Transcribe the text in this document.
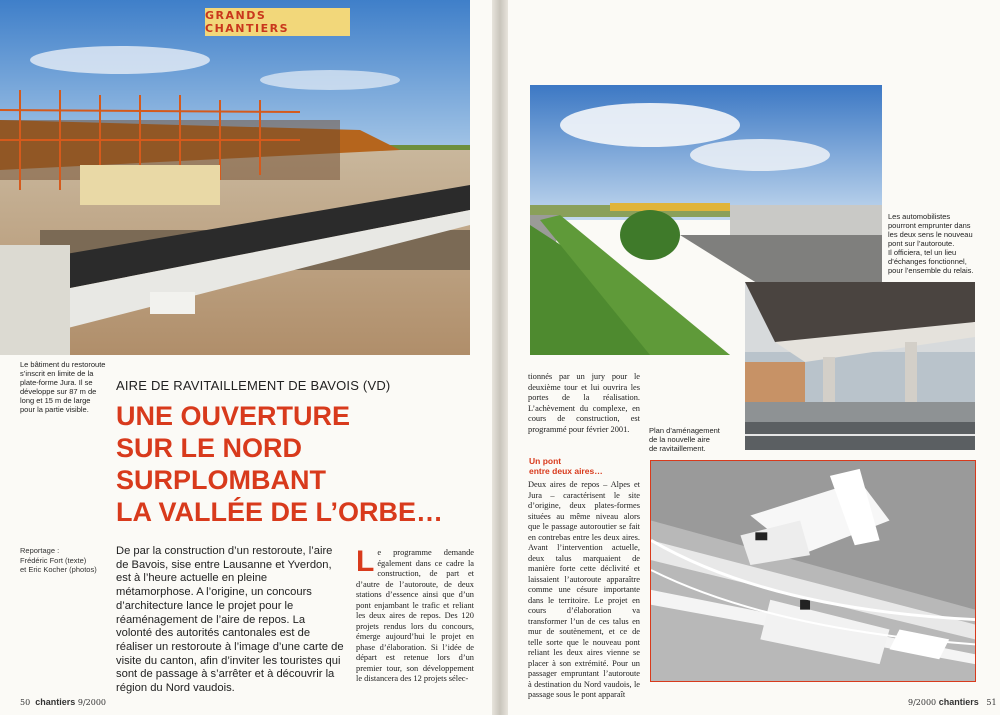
GRANDS CHANTIERS
Le bâtiment du restoroute
s’inscrit en limite de la
plate-forme Jura. Il se
développe sur 87 m de
long et 15 m de large
pour la partie visible.
AIRE DE RAVITAILLEMENT DE BAVOIS (VD)
UNE OUVERTURE
SUR LE NORD
SURPLOMBANT
LA VALLÉE DE L’ORBE…
Reportage :
Frédéric Fort (texte)
et Eric Kocher (photos)

De par la construction d’un restoroute, l’aire de Bavois, sise entre Lausanne et Yverdon, est à l’heure actuelle en pleine métamorphose. A l’origine, un concours d’architecture lance le projet pour le réaménagement de l’aire de repos. La volonté des autorités cantonales est de réaliser un restoroute à l’image d’une carte de visite du canton, afin d’inviter les touristes qui sont de passage à s’arrêter et à découvrir la région du Nord vaudois.

Le programme demande également dans ce cadre la construction, de part et d’autre de l’autoroute, de deux stations d’essence ainsi que d’un pont enjambant le trafic et reliant les deux aires de repos. Des 120 projets rendus lors du concours, émerge aujourd’hui le projet en phase d’élaboration. Si l’idée de départ est retenue lors d’un premier tour, son développement le distancera des 12 projets sélec-
50 chantiers 9/2000
Les automobilistes
pourront emprunter dans
les deux sens le nouveau
pont sur l’autoroute.
Il officiera, tel un lieu
d’échanges fonctionnel,
pour l’ensemble du relais.
Plan d’aménagement
de la nouvelle aire
de ravitaillement.
tionnés par un jury pour le deuxième tour et lui ouvrira les portes de la réalisation. L’achèvement du complexe, en cours de construction, est programmé pour février 2001.
Un pont
entre deux aires…
Deux aires de repos – Alpes et Jura – caractérisent le site d’origine, deux plates-formes situées au même niveau alors que le passage autoroutier se fait en contrebas entre les deux aires. Avant l’intervention actuelle, deux talus marquaient de manière forte cette déclivité et laissaient l’autoroute apparaître comme une césure importante dans le territoire. Le projet en cours d’élaboration va transformer l’un de ces talus en mur de soutènement, et ce de telle sorte que le nouveau pont reliant les deux aires vienne se placer à son extrémité. Pour un passager empruntant l’autoroute à destination du Nord vaudois, le passage sous le pont apparaît
9/2000 chantiers 51
